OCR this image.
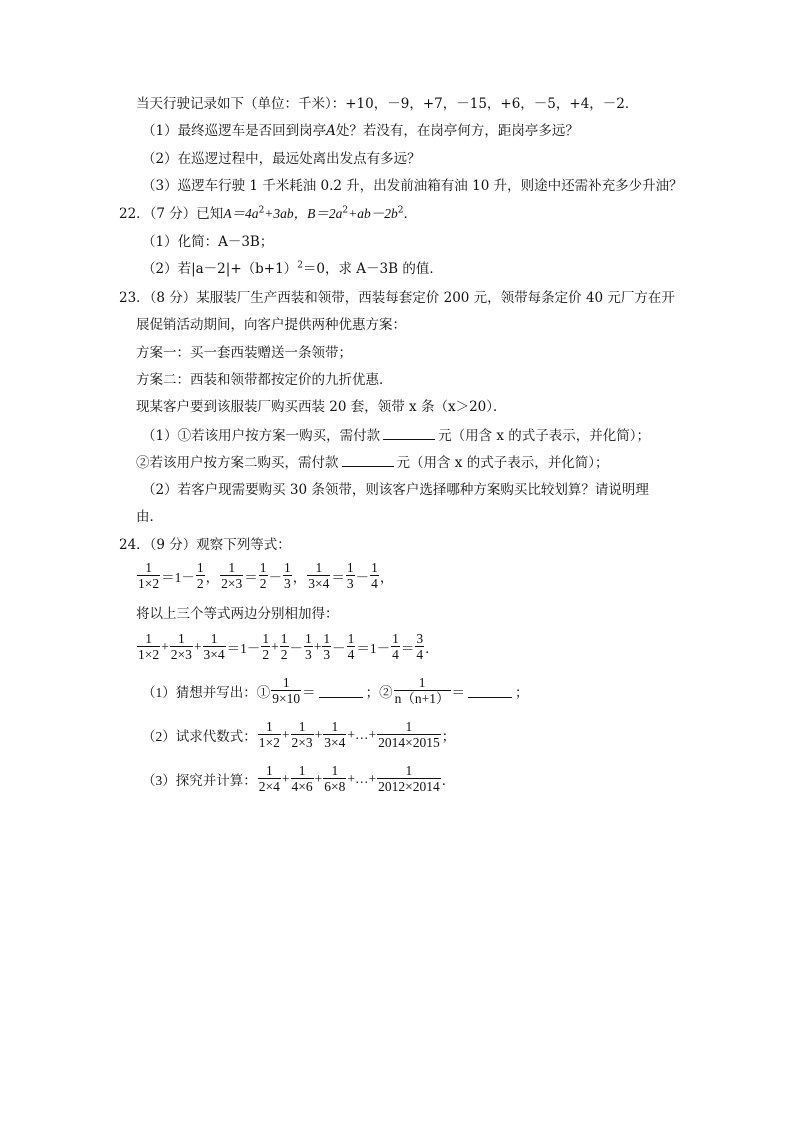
当天行驶记录如下（单位：千米）：+10，－9，+7，－15，+6，－5，+4，－2．
（1）最终巡逻车是否回到岗亭A处？若没有，在岗亭何方，距岗亭多远？
（2）在巡逻过程中，最远处离出发点有多远？
（3）巡逻车行驶 1 千米耗油 0.2 升，出发前油箱有油 10 升，则途中还需补充多少升油？
22．（7 分）已知$A=4a^2+3ab$，$B=2a^2+ab-2b^2$．
（1）化简：A－3B；
（2）若$|a-2|+(b+1)^2=0$，求 A－3B 的值．
23．（8 分）某服装厂生产西装和领带，西装每套定价 200 元，领带每条定价 40 元厂方在开
展促销活动期间，向客户提供两种优惠方案：
方案一：买一套西装赠送一条领带；
方案二：西装和领带都按定价的九折优惠．
现某客户要到该服装厂购买西装 20 套，领带 x 条（x＞20）．
（1）①若该用户按方案一购买，需付款	元（用含 x 的式子表示，并化简）；
②若该用户按方案二购买，需付款	元（用含 x 的式子表示，并化简）；
（2）若客户现需要购买 30 条领带，则该客户选择哪种方案购买比较划算？请说明理
由．
24．（9 分）观察下列等式：
$\frac{1}{1\times 2} =1- \frac{1}{2}$ ， $\frac{1}{2\times 3} = \frac{1}{2} - \frac{1}{3}$ ， $\frac{1}{3\times 4} = \frac{1}{3} - \frac{1}{4}$ ，
将以上三个等式两边分别相加得：
$\frac{1}{1\times 2} + \frac{1}{2\times 3} + \frac{1}{3\times 4} =1- \frac{1}{2} + \frac{1}{2} - \frac{1}{3} + \frac{1}{3} - \frac{1}{4} =1 - \frac{1}{4} = \frac{3}{4}$ ．
（1）猜想并写出：① $\frac{1}{9\times 10}$ ＝	；② $\frac{1}{n(n+1)}$ ＝	；
（2）试求代数式： $\frac{1}{1\times 2} + \frac{1}{2\times 3} + \frac{1}{3\times 4}$ +…+ $\frac{1}{2014\times 2015}$ ；
（3）探究并计算： $\frac{1}{2\times 4} + \frac{1}{4\times 6} + \frac{1}{6\times 8}$ +…+ $\frac{1}{2012\times 2014}$ ．
